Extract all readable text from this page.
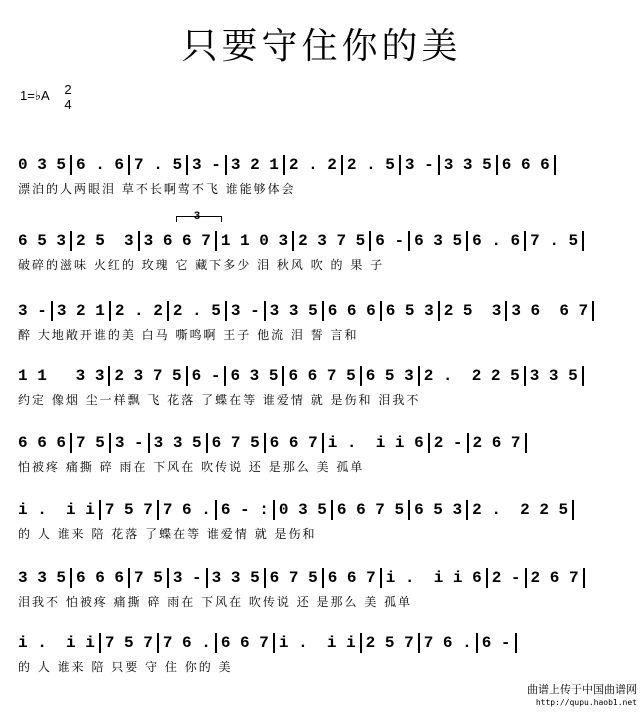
只要守住你的美
1=♭A 2
4
0 3 5 6 . 6 7 . 5 3 - 3 2 1 2 . 2 2 . 5 3 - 3 3 5 6 6 6
漂泊的人两眼泪 草不长啊莺不飞 谁能够体会
6 5 3 2 5  3 3 6 6 7 1 1 0 3 2 3 7 5 6 - 6 3 5 6 . 6 7 . 5
破碎的滋味 火红的 玫瑰 它 藏下多少 泪 秋风 吹 的 果 子
3 - 3 2 1 2 . 2 2 . 5 3 - 3 3 5 6 6 6 6 5 3 2 5  3 3 6  6 7
醉 大地敞开谁的美 白马 嘶鸣啊 王子 他流 泪 誓 言和
1 1   3 3 2 3 7 5 6 - 6 3 5 6 6 7 5 6 5 3 2 .  2 2 5 3 3 5
约定 像烟 尘一样飘 飞 花落 了蝶在等 谁爱情 就 是伤和 泪我不
6 6 6 7 5 3 - 3 3 5 6 7 5 6 6 7 i .  i i 6 2 - 2 6 7
怕被疼 痛撕 碎 雨在 下风在 吹传说 还 是那么 美 孤单
i .  i i 7 5 7 7 6 . 6 - : 0 3 5 6 6 7 5 6 5 3 2 .  2 2 5
的 人 谁来 陪 花落 了蝶在等 谁爱情 就 是伤和
3 3 5 6 6 6 7 5 3 - 3 3 5 6 7 5 6 6 7 i .  i i 6 2 - 2 6 7
泪我不 怕被疼 痛撕 碎 雨在 下风在 吹传说 还 是那么 美 孤单
i .  i i 7 5 7 7 6 . 6 6 7 i .  i i 2 5 7 7 6 . 6 -
的 人 谁来 陪 只要 守 住 你的 美
3
曲谱上传于中国曲谱网
http://qupu.haob1.net
